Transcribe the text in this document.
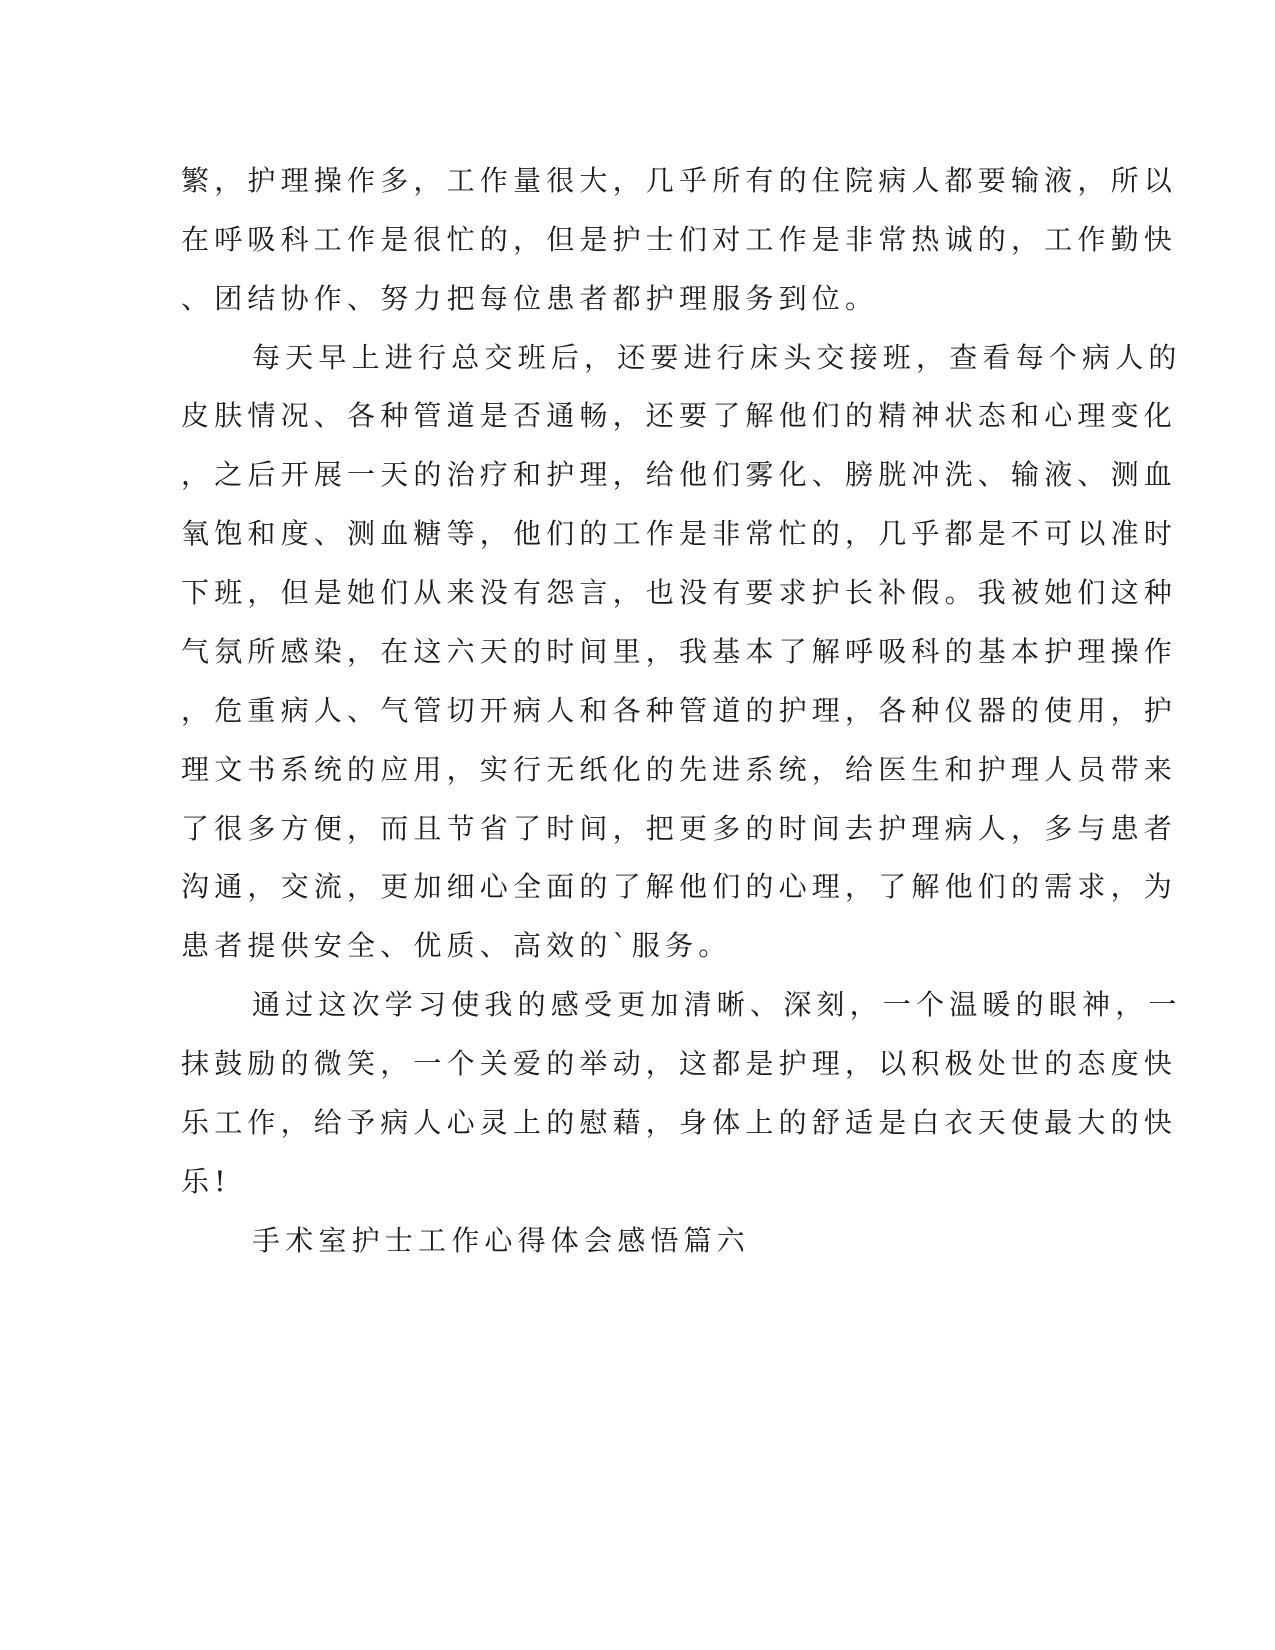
繁，护理操作多，工作量很大，几乎所有的住院病人都要输液，所以
在呼吸科工作是很忙的，但是护士们对工作是非常热诚的，工作勤快
、团结协作、努力把每位患者都护理服务到位。
每天早上进行总交班后，还要进行床头交接班，查看每个病人的
皮肤情况、各种管道是否通畅，还要了解他们的精神状态和心理变化
，之后开展一天的治疗和护理，给他们雾化、膀胱冲洗、输液、测血
氧饱和度、测血糖等，他们的工作是非常忙的，几乎都是不可以准时
下班，但是她们从来没有怨言，也没有要求护长补假。我被她们这种
气氛所感染，在这六天的时间里，我基本了解呼吸科的基本护理操作
，危重病人、气管切开病人和各种管道的护理，各种仪器的使用，护
理文书系统的应用，实行无纸化的先进系统，给医生和护理人员带来
了很多方便，而且节省了时间，把更多的时间去护理病人，多与患者
沟通，交流，更加细心全面的了解他们的心理，了解他们的需求，为
患者提供安全、优质、高效的`服务。
通过这次学习使我的感受更加清晰、深刻，一个温暖的眼神，一
抹鼓励的微笑，一个关爱的举动，这都是护理，以积极处世的态度快
乐工作，给予病人心灵上的慰藉，身体上的舒适是白衣天使最大的快
乐!
手术室护士工作心得体会感悟篇六
